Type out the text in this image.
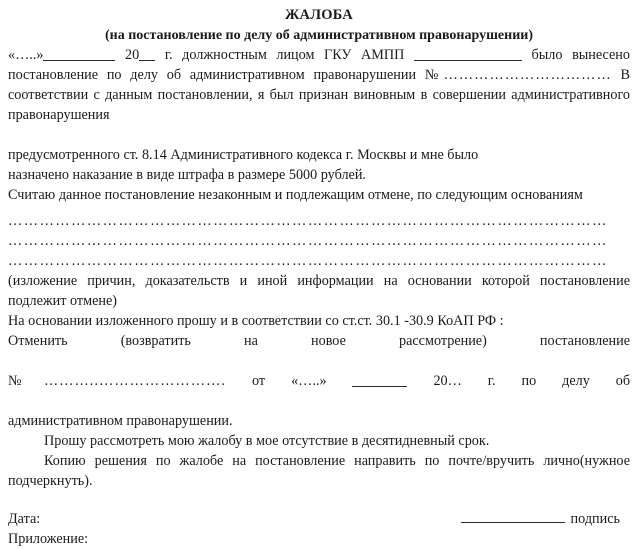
ЖАЛОБА
(на постановление по делу об административном правонарушении)
«…..»	20 г. должностным лицом ГКУ АМПП	было вынесено постановление по делу об административном правонарушении №…………………………… В соответствии с данным постановлении, я был признан виновным в совершении административного правонарушения
предусмотренного ст. 8.14 Административного кодекса г. Москвы и мне было
назначено наказание в виде штрафа в размере 5000 рублей.
Считаю данное постановление незаконным и подлежащим отмене, по следующим основаниям
……………………………………………………………………………………………………
……………………………………………………………………………………………………
……………………………………………………………………………………………………
(изложение причин, доказательств и иной информации на основании которой постановление подлежит отмене)
На основании изложенного прошу и в соответствии со ст.ст. 30.1 -30.9 КоАП РФ :
Отменить (возвратить на новое рассмотрение) постановление
№………..……………………. от «…..»	20… г. по делу об
административном правонарушении.
Прошу рассмотреть мою жалобу в мое отсутствие в десятидневный срок.
Копию решения по жалобе на постановление направить по почте/вручить лично(нужное подчеркнуть).
Дата:	подпись
Приложение:
